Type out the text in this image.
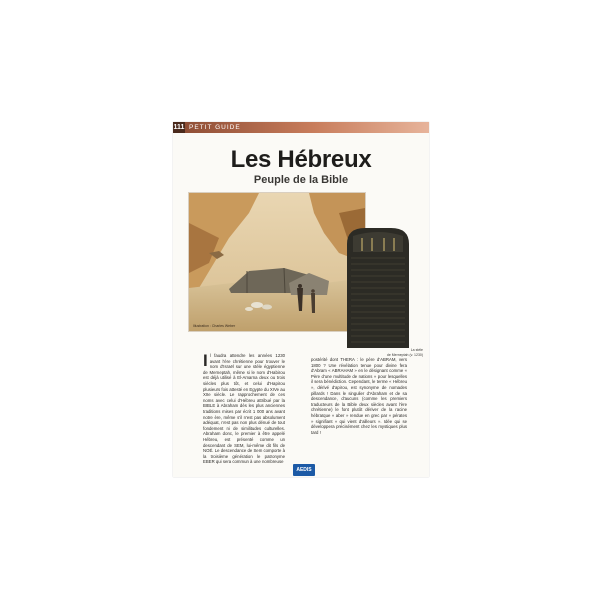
111 PETIT GUIDE
Les Hébreux
Peuple de la Bible
Illustration : Charles Weber
La stèle
de Merneptah (v. 1230)
I l faudra attendre les années 1230 avant l'ère chrétienne pour trouver le nom d'Israël sur une stèle égyptienne de Merneptah, même si le nom d'Habirou est déjà utilisé à El-Amarna deux ou trois siècles plus tôt, et celui d'Hapirou plusieurs fois attesté en Egypte du XIVe au XIIe siècle. Le rapprochement de ces noms avec celui d'Hébreu attribué par la BIBLE à Abraham dès les plus anciennes traditions mises par écrit 1 000 ans avant notre ère, même s'il n'est pas absolument adéquat, n'est pas non plus dénué de tout fondement ni de similitudes culturelles. Abraham donc, le premier à être appelé Hébreu, est présenté comme un descendant de SEM, lui-même dit fils de NOÉ. Le descendance de Sem comporte à la troisième génération le patronyme EBER qui sera commun à une nombreuse

postérité dont THERA : le père d'ABRAM, vers 1800 ? Une révélation tenue pour divine fera d'Abram « ABRAHAM » en le désignant comme « Père d'une multitude de nations » pour lesquelles il sera bénédiction. Cependant, le terme « Hébreu », dérivé d'apirou, est synonyme de nomades pillards ! Dans le singulier d'Abraham et de sa descendance, d'aucuns (comme les premiers traducteurs de la Bible deux siècles avant l'ère chrétienne) le font plutôt dériver de la racine hébraïque « aber » rendue en grec par « pérates » signifiant « qui vient d'ailleurs ». Idée qui se développera précisément chez les mystiques plus tard !

AEDIS
